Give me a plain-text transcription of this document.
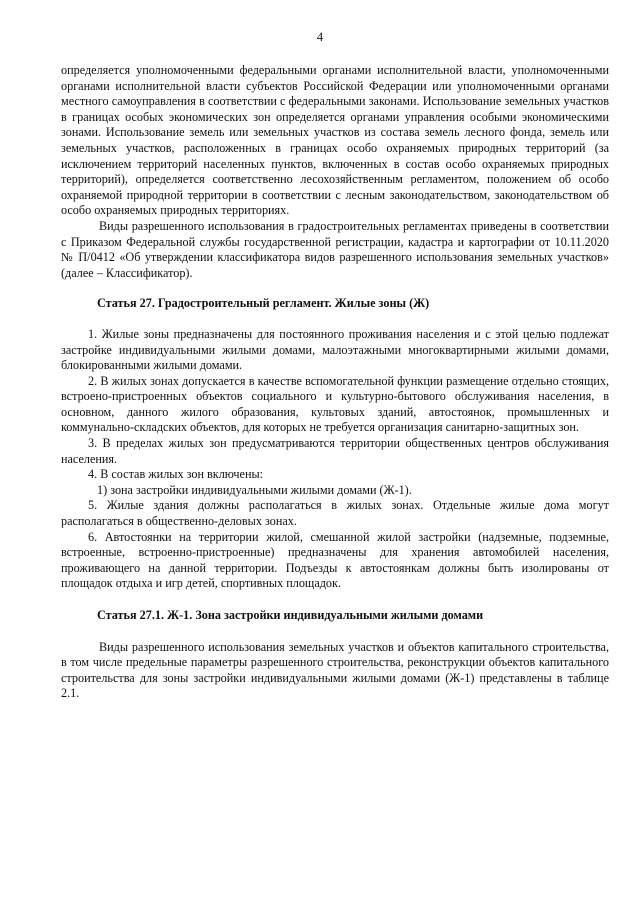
4

определяется уполномоченными федеральными органами исполнительной власти, уполномоченными органами исполнительной власти субъектов Российской Федерации или уполномоченными органами местного самоуправления в соответствии с федеральными законами. Использование земельных участков в границах особых экономических зон определяется органами управления особыми экономическими зонами. Использование земель или земельных участков из состава земель лесного фонда, земель или земельных участков, расположенных в границах особо охраняемых природных территорий (за исключением территорий населенных пунктов, включенных в состав особо охраняемых природных территорий), определяется соответственно лесохозяйственным регламентом, положением об особо охраняемой природной территории в соответствии с лесным законодательством, законодательством об особо охраняемых природных территориях.

Виды разрешенного использования в градостроительных регламентах приведены в соответствии с Приказом Федеральной службы государственной регистрации, кадастра и картографии от 10.11.2020 № П/0412 «Об утверждении классификатора видов разрешенного использования земельных участков» (далее – Классификатор).

Статья 27. Градостроительный регламент. Жилые зоны (Ж)

1. Жилые зоны предназначены для постоянного проживания населения и с этой целью подлежат застройке индивидуальными жилыми домами, малоэтажными многоквартирными жилыми домами, блокированными жилыми домами.

2. В жилых зонах допускается в качестве вспомогательной функции размещение отдельно стоящих, встроено-пристроенных объектов социального и культурно-бытового обслуживания населения, в основном, данного жилого образования, культовых зданий, автостоянок, промышленных и коммунально-складских объектов, для которых не требуется организация санитарно-защитных зон.

3. В пределах жилых зон предусматриваются территории общественных центров обслуживания населения.

4. В состав жилых зон включены:

1) зона застройки индивидуальными жилыми домами (Ж-1).

5. Жилые здания должны располагаться в жилых зонах. Отдельные жилые дома могут располагаться в общественно-деловых зонах.

6. Автостоянки на территории жилой, смешанной жилой застройки (надземные, подземные, встроенные, встроенно-пристроенные) предназначены для хранения автомобилей населения, проживающего на данной территории. Подъезды к автостоянкам должны быть изолированы от площадок отдыха и игр детей, спортивных площадок.

Статья 27.1. Ж-1. Зона застройки индивидуальными жилыми домами

Виды разрешенного использования земельных участков и объектов капитального строительства, в том числе предельные параметры разрешенного строительства, реконструкции объектов капитального строительства для зоны застройки индивидуальными жилыми домами (Ж-1) представлены в таблице 2.1.
